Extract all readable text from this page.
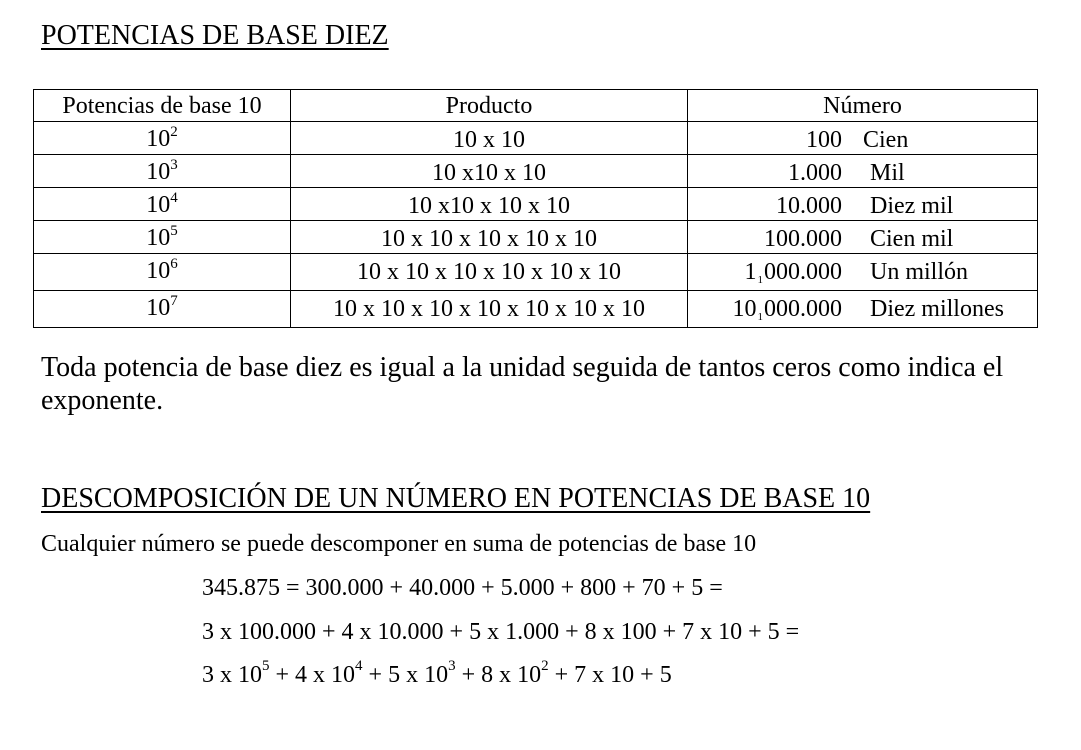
POTENCIAS DE BASE DIEZ
Potencias de base 10	Producto	Número
$10^2$	10 x 10	100 Cien

$10^3$	10 x10 x 10	1.000 Mil

$10^4$	10 x10 x 10 x 10	10.000 Diez mil

$10^5$	10 x 10 x 10 x 10 x 10	100.000 Cien mil

$10^6$	10 x 10 x 10 x 10 x 10 x 10	$1_1000.000$ Un millón

$10^7$	10 x 10 x 10 x 10 x 10 x 10 x 10	$10_1000.000$ Diez millones
Toda potencia de base diez es igual a la unidad seguida de tantos ceros como indica el exponente.
DESCOMPOSICIÓN DE UN NÚMERO EN POTENCIAS DE BASE 10
Cualquier número se puede descomponer en suma de potencias de base 10
345.875 = 300.000 + 40.000 + 5.000 + 800 + 70 + 5 =
3 x 100.000 + 4 x 10.000 + 5 x 1.000 + 8 x 100 + 7 x 10 + 5 =
3 x $10^5 + 4$ x $10^4 + 5$ x $10^3 + 8$ x $10^2 + 7$ x 10 + 5
